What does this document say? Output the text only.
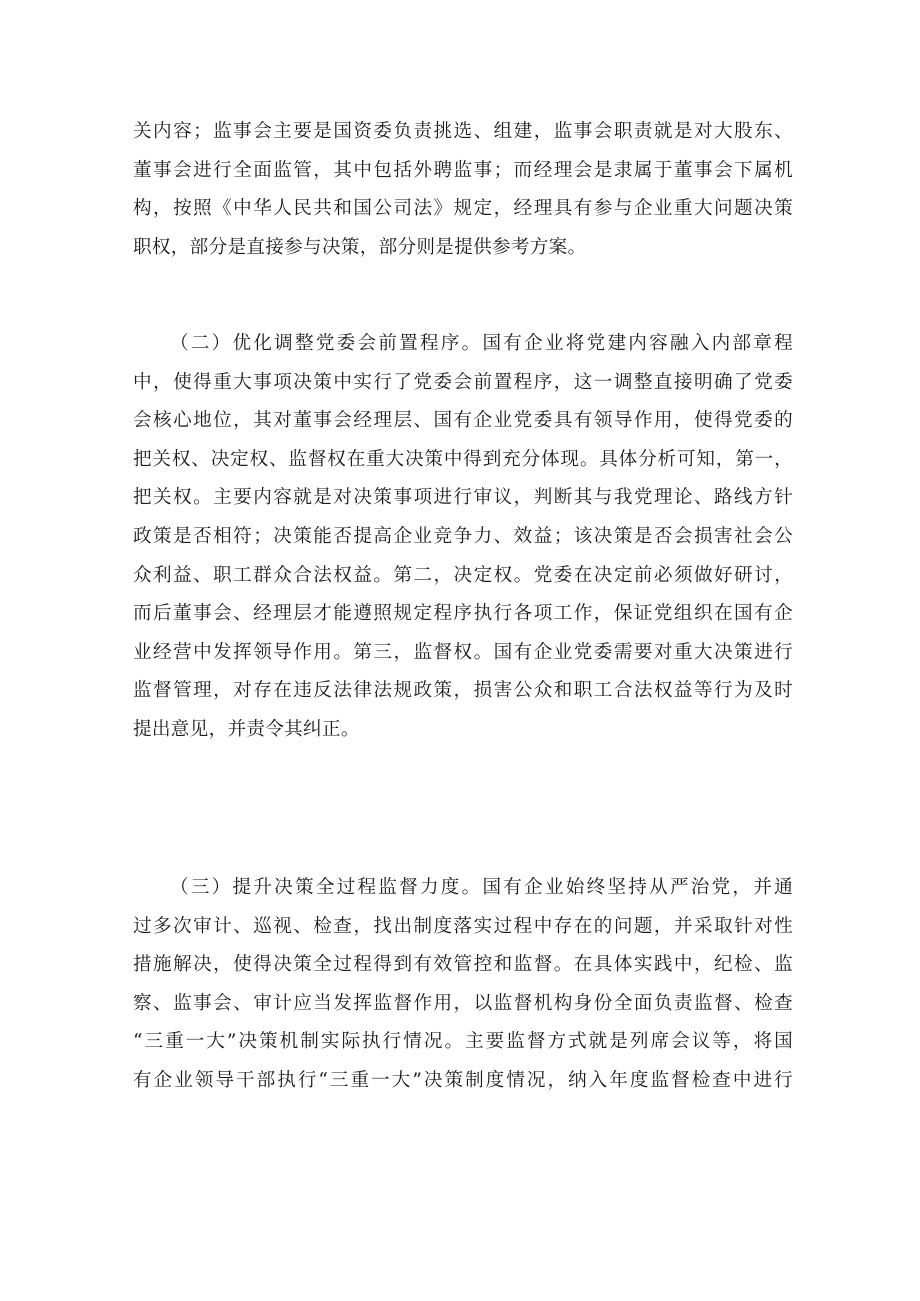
关内容；监事会主要是国资委负责挑选、组建，监事会职责就是对大股东、
董事会进行全面监管，其中包括外聘监事；而经理会是隶属于董事会下属机
构，按照《中华人民共和国公司法》规定，经理具有参与企业重大问题决策
职权，部分是直接参与决策，部分则是提供参考方案。
（二）优化调整党委会前置程序。国有企业将党建内容融入内部章程
中，使得重大事项决策中实行了党委会前置程序，这一调整直接明确了党委
会核心地位，其对董事会经理层、国有企业党委具有领导作用，使得党委的
把关权、决定权、监督权在重大决策中得到充分体现。具体分析可知，第一，
把关权。主要内容就是对决策事项进行审议，判断其与我党理论、路线方针
政策是否相符；决策能否提高企业竞争力、效益；该决策是否会损害社会公
众利益、职工群众合法权益。第二，决定权。党委在决定前必须做好研讨，
而后董事会、经理层才能遵照规定程序执行各项工作，保证党组织在国有企
业经营中发挥领导作用。第三，监督权。国有企业党委需要对重大决策进行
监督管理，对存在违反法律法规政策，损害公众和职工合法权益等行为及时
提出意见，并责令其纠正。
（三）提升决策全过程监督力度。国有企业始终坚持从严治党，并通
过多次审计、巡视、检查，找出制度落实过程中存在的问题，并采取针对性
措施解决，使得决策全过程得到有效管控和监督。在具体实践中，纪检、监
察、监事会、审计应当发挥监督作用，以监督机构身份全面负责监督、检查
“三重一大”决策机制实际执行情况。主要监督方式就是列席会议等，将国
有企业领导干部执行“三重一大”决策制度情况，纳入年度监督检查中进行
